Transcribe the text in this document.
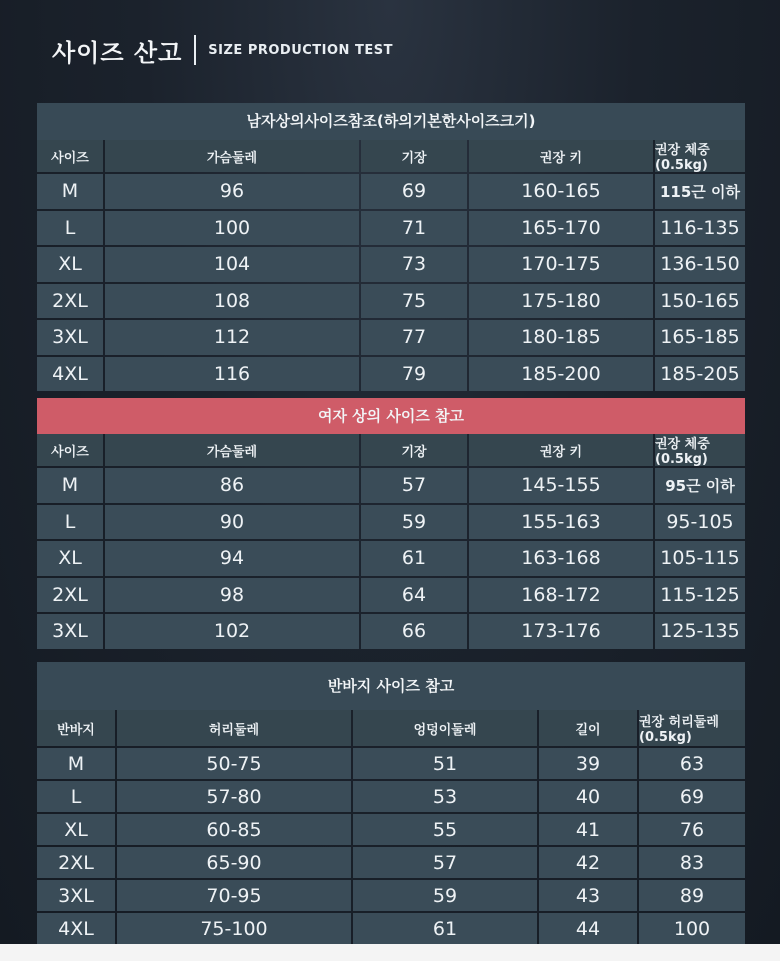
사이즈 산고 SIZE PRODUCTION TEST
남자상의사이즈참조(하의기본한사이즈크기)
사이즈	가슴둘레	기장	권장 키	권장 체중(0.5kg)
M	96	69	160-165	115근 이하
L	100	71	165-170	116-135
XL	104	73	170-175	136-150
2XL	108	75	175-180	150-165
3XL	112	77	180-185	165-185
4XL	116	79	185-200	185-205
여자 상의 사이즈 참고
사이즈	가슴둘레	기장	권장 키	권장 체중(0.5kg)
M	86	57	145-155	95근 이하
L	90	59	155-163	95-105
XL	94	61	163-168	105-115
2XL	98	64	168-172	115-125
3XL	102	66	173-176	125-135
반바지 사이즈 참고
반바지	허리둘레	엉덩이둘레	길이	권장 허리둘레(0.5kg)
M	50-75	51	39	63
L	57-80	53	40	69
XL	60-85	55	41	76
2XL	65-90	57	42	83
3XL	70-95	59	43	89
4XL	75-100	61	44	100
